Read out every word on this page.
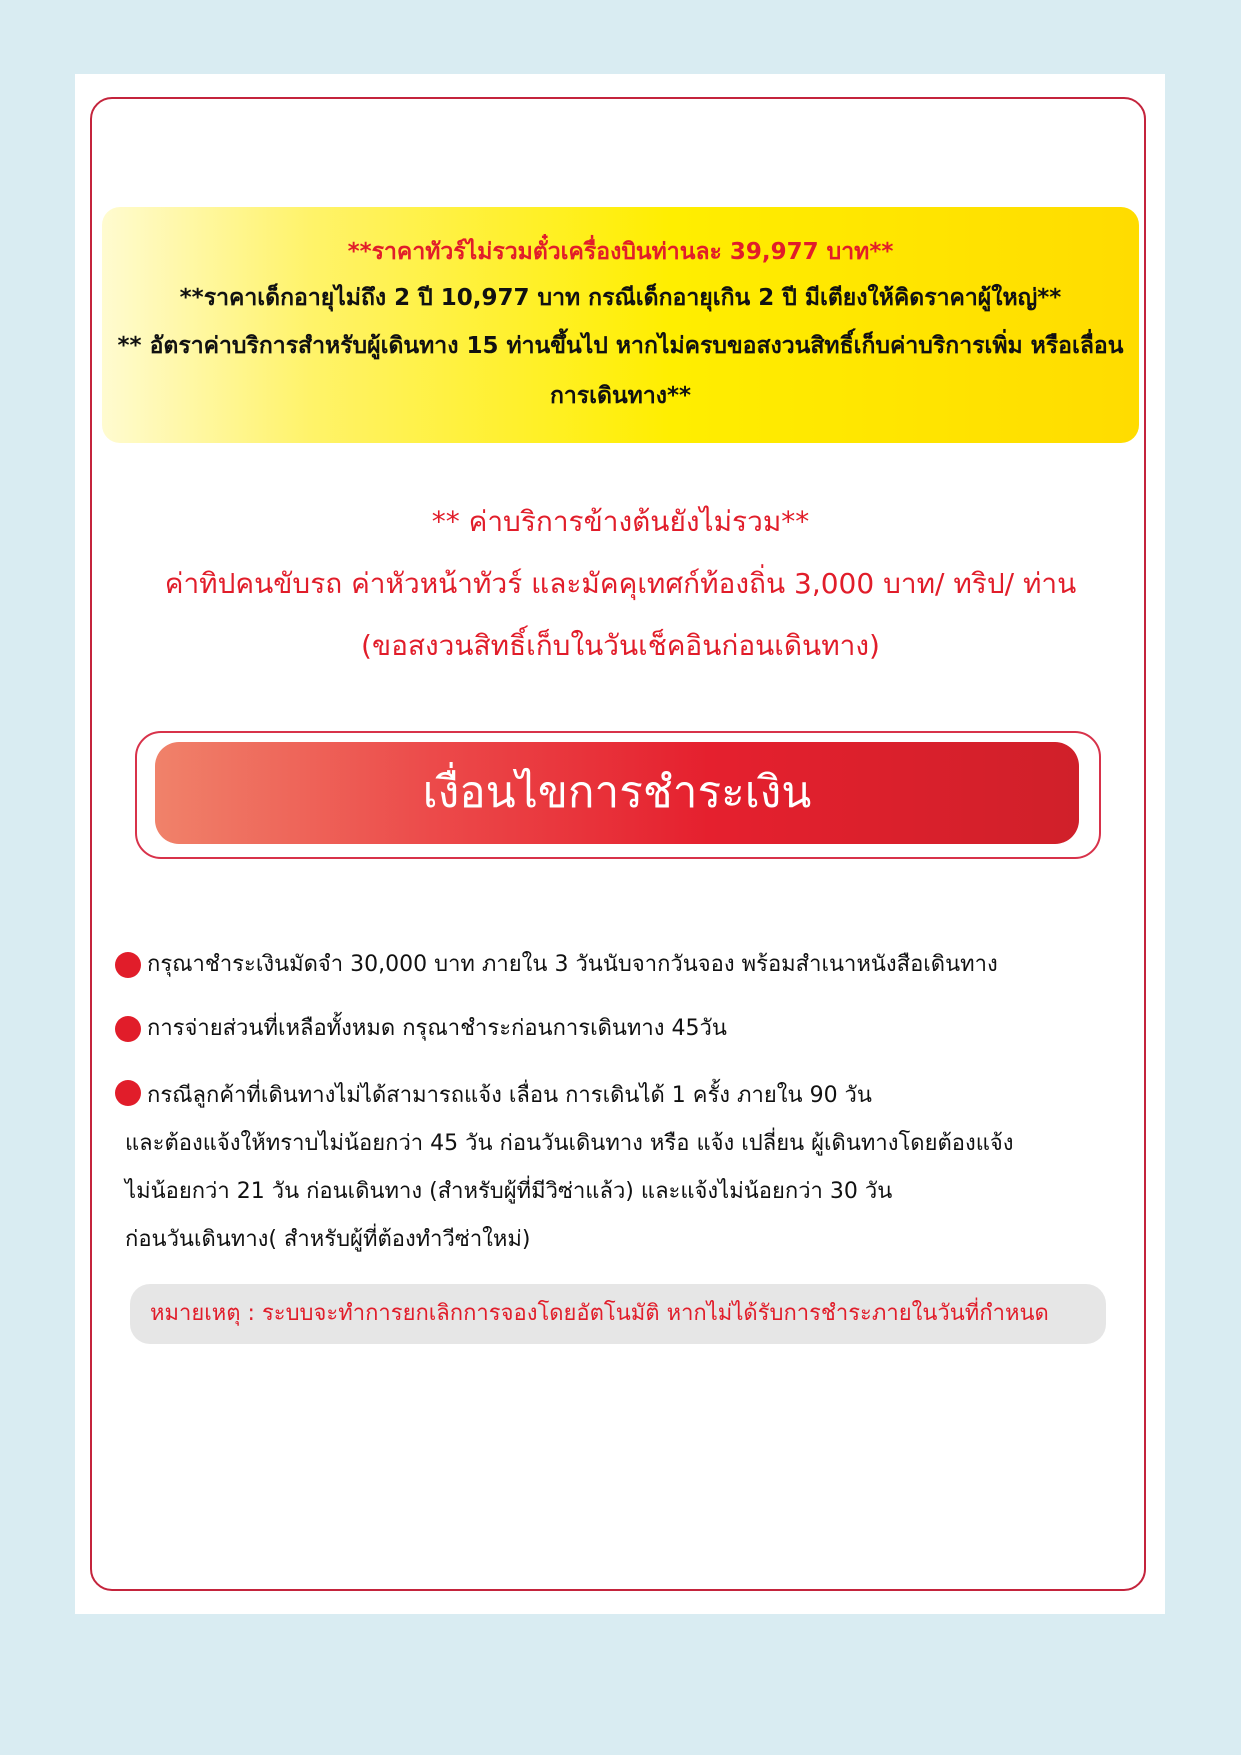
**ราคาทัวร์ไม่รวมตั๋วเครื่องบินท่านละ 39,977 บาท**
**ราคาเด็กอายุไม่ถึง 2 ปี 10,977 บาท กรณีเด็กอายุเกิน 2 ปี มีเตียงให้คิดราคาผู้ใหญ่**
** อัตราค่าบริการสำหรับผู้เดินทาง 15 ท่านขึ้นไป หากไม่ครบขอสงวนสิทธิ์เก็บค่าบริการเพิ่ม หรือเลื่อนการเดินทาง**
** ค่าบริการข้างต้นยังไม่รวม**
ค่าทิปคนขับรถ ค่าหัวหน้าทัวร์ และมัคคุเทศก์ท้องถิ่น 3,000 บาท/ ทริป/ ท่าน
(ขอสงวนสิทธิ์เก็บในวันเช็คอินก่อนเดินทาง)
เงื่อนไขการชำระเงิน
กรุณาชำระเงินมัดจำ 30,000 บาท ภายใน 3 วันนับจากวันจอง พร้อมสำเนาหนังสือเดินทาง
การจ่ายส่วนที่เหลือทั้งหมด กรุณาชำระก่อนการเดินทาง 45วัน
กรณีลูกค้าที่เดินทางไม่ได้สามารถแจ้ง เลื่อน การเดินได้ 1 ครั้ง ภายใน 90 วัน
และต้องแจ้งให้ทราบไม่น้อยกว่า 45 วัน ก่อนวันเดินทาง หรือ แจ้ง เปลี่ยน ผู้เดินทางโดยต้องแจ้ง
ไม่น้อยกว่า 21 วัน ก่อนเดินทาง (สำหรับผู้ที่มีวิซ่าแล้ว) และแจ้งไม่น้อยกว่า 30 วัน
ก่อนวันเดินทาง( สำหรับผู้ที่ต้องทำวีซ่าใหม่)
หมายเหตุ : ระบบจะทำการยกเลิกการจองโดยอัตโนมัติ หากไม่ได้รับการชำระภายในวันที่กำหนด
